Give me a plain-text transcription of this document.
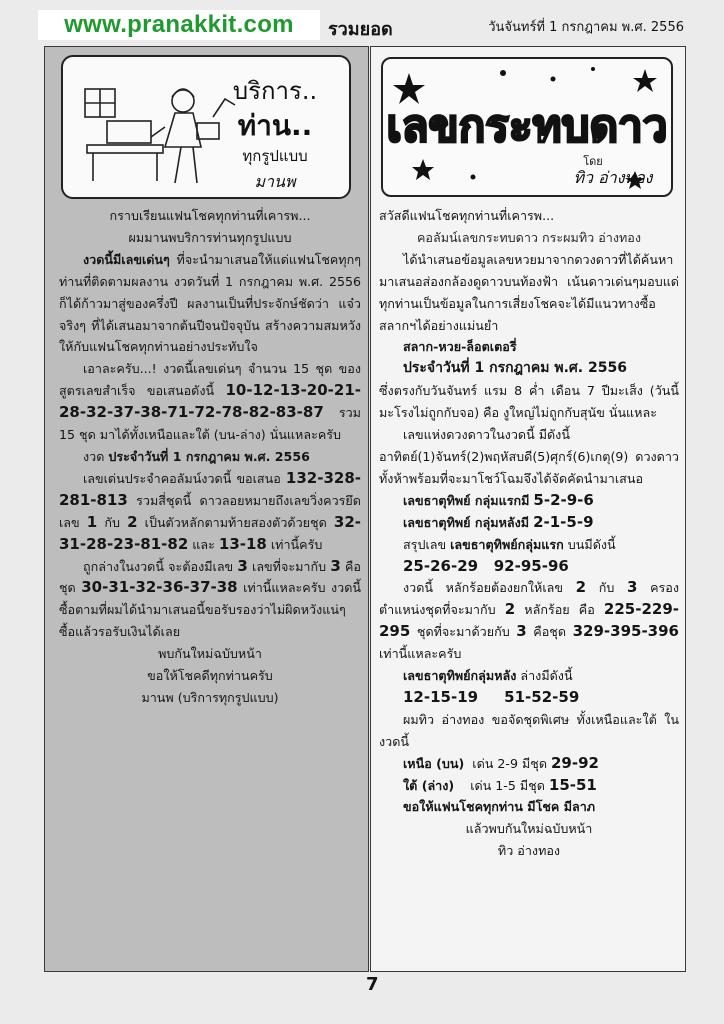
www.pranakkit.com	รวมยอด	วันจันทร์ที่ 1 กรกฎาคม พ.ศ. 2556
บริการ..
ท่าน..
ทุกรูปแบบ
มานพ

กราบเรียนแฟนโชคทุกท่านที่เคารพ...

ผมมานพบริการท่านทุกรูปแบบ

งวดนี้มีเลขเด่นๆ ที่จะนำมาเสนอให้แด่แฟนโชคทุกๆ ท่านที่ติดตามผลงาน งวดวันที่ 1 กรกฎาคม พ.ศ. 2556 ก็ได้ก้าวมาสู่ของครึ่งปี ผลงานเป็นที่ประจักษ์ชัดว่า แจ๋วจริงๆ ที่ได้เสนอมาจากต้นปีจนปัจจุบัน สร้างความสมหวังให้กับแฟนโชคทุกท่านอย่างประทับใจ

เอาละครับ...! งวดนี้เลขเด่นๆ จำนวน 15 ชุด ของสูตรเลขสำเร็จ ขอเสนอดังนี้ 10-12-13-20-21-28-32-37-38-71-72-78-82-83-87 รวม 15 ชุด มาได้ทั้งเหนือและใต้ (บน-ล่าง) นั่นแหละครับ

งวด ประจำวันที่ 1 กรกฎาคม พ.ศ. 2556

เลขเด่นประจำคอลัมน์งวดนี้ ขอเสนอ 132-328-281-813 รวมสี่ชุดนี้ ดาวลอยหมายถึงเลขวิ่งควรยึดเลข 1 กับ 2 เป็นตัวหลักตามท้ายสองตัวด้วยชุด 32-31-28-23-81-82 และ 13-18 เท่านี้ครับ

ถูกล่างในงวดนี้ จะต้องมีเลข 3 เลขที่จะมากับ 3 คือชุด 30-31-32-36-37-38 เท่านี้แหละครับ งวดนี้ซื้อตามที่ผมได้นำมาเสนอนี้ขอรับรองว่าไม่ผิดหวังแน่ๆ ซื้อแล้วรอรับเงินได้เลย

พบกันใหม่ฉบับหน้า

ขอให้โชคดีทุกท่านครับ

มานพ (บริการทุกรูปแบบ)

เลขกระทบดาว
โดย
ทิว อ่างทอง

สวัสดีแฟนโชคทุกท่านที่เคารพ...

คอลัมน์เลขกระทบดาว กระผมทิว อ่างทอง

ได้นำเสนอข้อมูลเลขหวยมาจากดวงดาวที่ได้ค้นหามาเสนอส่องกล้องดูดาวบนท้องฟ้า เน้นดาวเด่นๆมอบแด่ทุกท่านเป็นข้อมูลในการเสี่ยงโชคจะได้มีแนวทางซื้อสลากฯได้อย่างแม่นยำ

สลาก-หวย-ล็อตเตอรี่

ประจำวันที่ 1 กรกฎาคม พ.ศ. 2556

ซึ่งตรงกับวันจันทร์ แรม 8 ค่ำ เดือน 7 ปีมะเส็ง (วันนี้มะโรงไม่ถูกกับจอ) คือ งูใหญ่ไม่ถูกกับสุนัข นั่นแหละ

เลขแห่งดวงดาวในงวดนี้ มีดังนี้

อาทิตย์(1)จันทร์(2)พฤหัสบดี(5)ศุกร์(6)เกตุ(9) ดวงดาวทั้งห้าพร้อมที่จะมาโชว์โฉมจึงได้จัดคัดนำมาเสนอ

เลขธาตุทิพย์ กลุ่มแรกมี 5-2-9-6

เลขธาตุทิพย์ กลุ่มหลังมี 2-1-5-9

สรุปเลข เลขธาตุทิพย์กลุ่มแรก บนมีดังนี้

25-26-29   92-95-96

งวดนี้ หลักร้อยต้องยกให้เลข 2 กับ 3 ครองตำแหน่งชุดที่จะมากับ 2 หลักร้อย คือ 225-229-295 ชุดที่จะมาด้วยกับ 3 คือชุด 329-395-396 เท่านี้แหละครับ

เลขธาตุทิพย์กลุ่มหลัง ล่างมีดังนี้

12-15-19     51-52-59

ผมทิว อ่างทอง ขอจัดชุดพิเศษ ทั้งเหนือและใต้ ในงวดนี้

เหนือ (บน) เด่น 2-9 มีชุด 29-92

ใต้ (ล่าง) เด่น 1-5 มีชุด 15-51

ขอให้แฟนโชคทุกท่าน มีโชค มีลาภ

แล้วพบกันใหม่ฉบับหน้า

ทิว อ่างทอง

7
